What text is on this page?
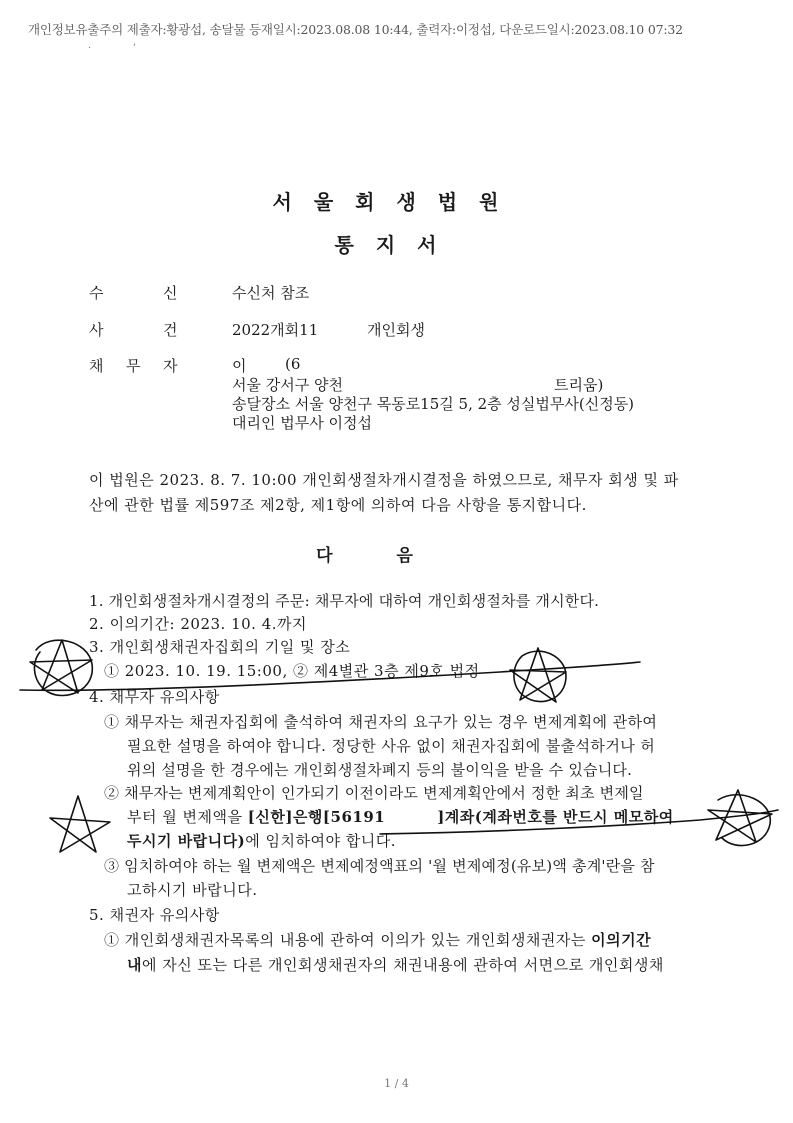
개인정보유출주의 제출자:황광섭, 송달물 등재일시:2023.08.08 10:44, 출력자:이정섭, 다운로드일시:2023.08.10 07:32
·             ʼ
서울회생법원
통지서
수	신	수신처 참조
사	건	2022개회11	개인회생
채 무 자	이	(6
서울 강서구 양천	트리움)
송달장소 서울 양천구 목동로15길 5, 2층 성실법무사(신정동)
대리인 법무사 이정섭
이 법원은 2023. 8. 7. 10:00 개인회생절차개시결정을 하였으므로, 채무자 회생 및 파
산에 관한 법률 제597조 제2항, 제1항에 의하여 다음 사항을 통지합니다.
다음
1. 개인회생절차개시결정의 주문: 채무자에 대하여 개인회생절차를 개시한다.
2. 이의기간: 2023. 10. 4.까지
3. 개인회생채권자집회의 기일 및 장소
① 2023. 10. 19. 15:00, ② 제4별관 3층 제9호 법정
4. 채무자 유의사항
① 채무자는 채권자집회에 출석하여 채권자의 요구가 있는 경우 변제계획에 관하여
필요한 설명을 하여야 합니다. 정당한 사유 없이 채권자집회에 불출석하거나 허
위의 설명을 한 경우에는 개인회생절차폐지 등의 불이익을 받을 수 있습니다.
② 채무자는 변제계획안이 인가되기 이전이라도 변제계획안에서 정한 최초 변제일
부터 월 변제액을 [신한]은행[56191	]계좌(계좌번호를 반드시 메모하여
두시기 바랍니다)에 임치하여야 합니다.
③ 임치하여야 하는 월 변제액은 변제예정액표의 '월 변제예정(유보)액 총계'란을 참
고하시기 바랍니다.
5. 채권자 유의사항
① 개인회생채권자목록의 내용에 관하여 이의가 있는 개인회생채권자는 이의기간
내에 자신 또는 다른 개인회생채권자의 채권내용에 관하여 서면으로 개인회생채
1 / 4
